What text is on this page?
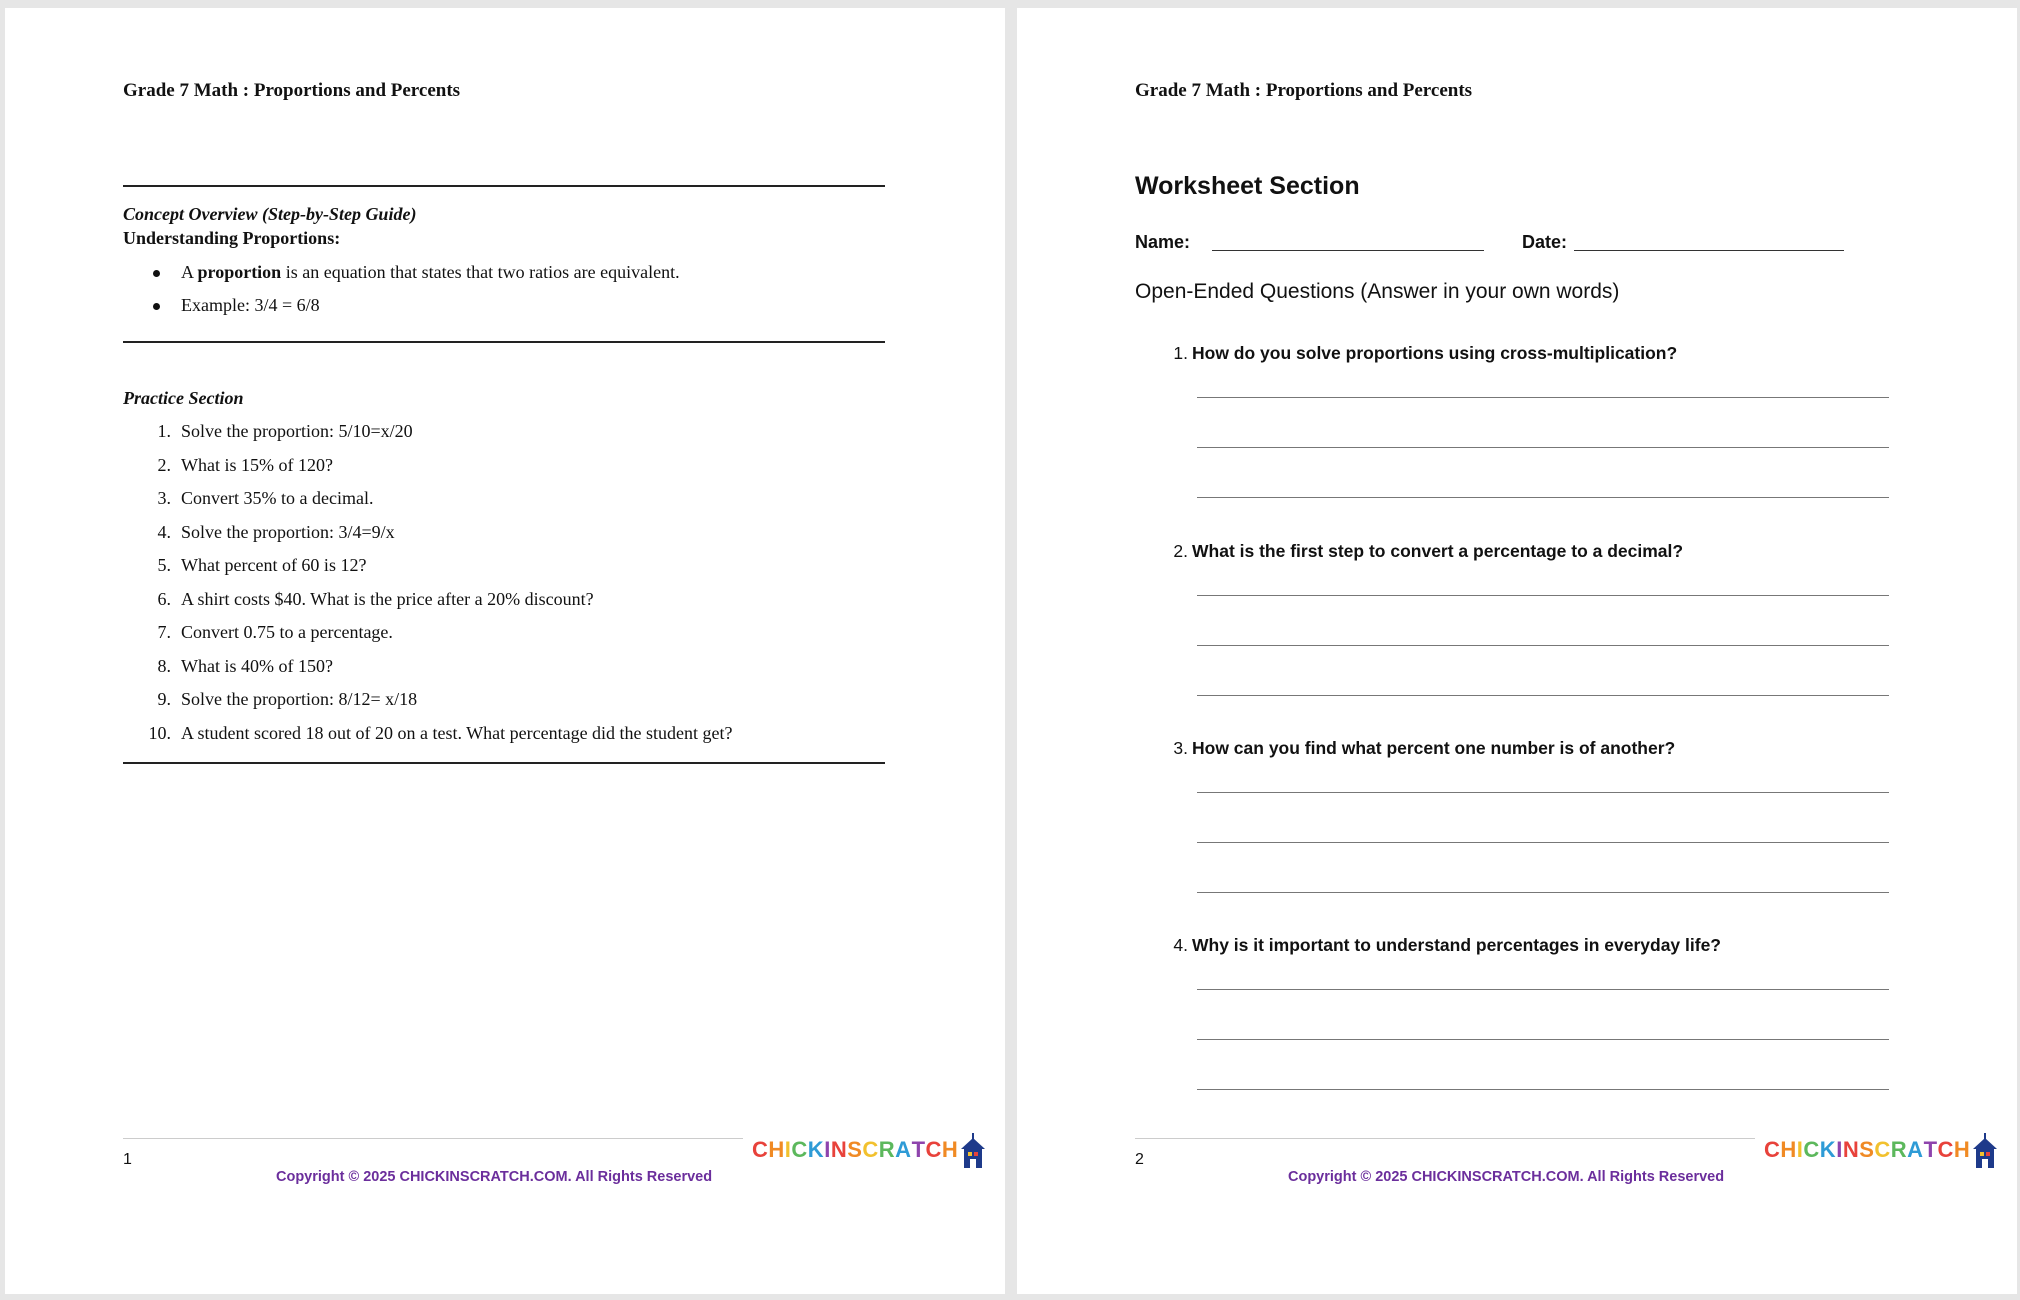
Grade 7 Math : Proportions and Percents
Concept Overview (Step-by-Step Guide)
Understanding Proportions:
A proportion is an equation that states that two ratios are equivalent.
Example: 3/4 = 6/8
Practice Section
1. Solve the proportion: 5/10=x/20
2. What is 15% of 120?
3. Convert 35% to a decimal.
4. Solve the proportion: 3/4=9/x
5. What percent of 60 is 12?
6. A shirt costs $40. What is the price after a 20% discount?
7. Convert 0.75 to a percentage.
8. What is 40% of 150?
9. Solve the proportion: 8/12= x/18
10. A student scored 18 out of 20 on a test. What percentage did the student get?
1
Copyright © 2025 CHICKINSCRATCH.COM. All Rights Reserved
CHICKINSCRATCH
Grade 7 Math : Proportions and Percents
Worksheet Section
Name:	Date:
Open-Ended Questions (Answer in your own words)
1. How do you solve proportions using cross-multiplication?
2. What is the first step to convert a percentage to a decimal?
3. How can you find what percent one number is of another?
4. Why is it important to understand percentages in everyday life?
2
Copyright © 2025 CHICKINSCRATCH.COM. All Rights Reserved
CHICKINSCRATCH
